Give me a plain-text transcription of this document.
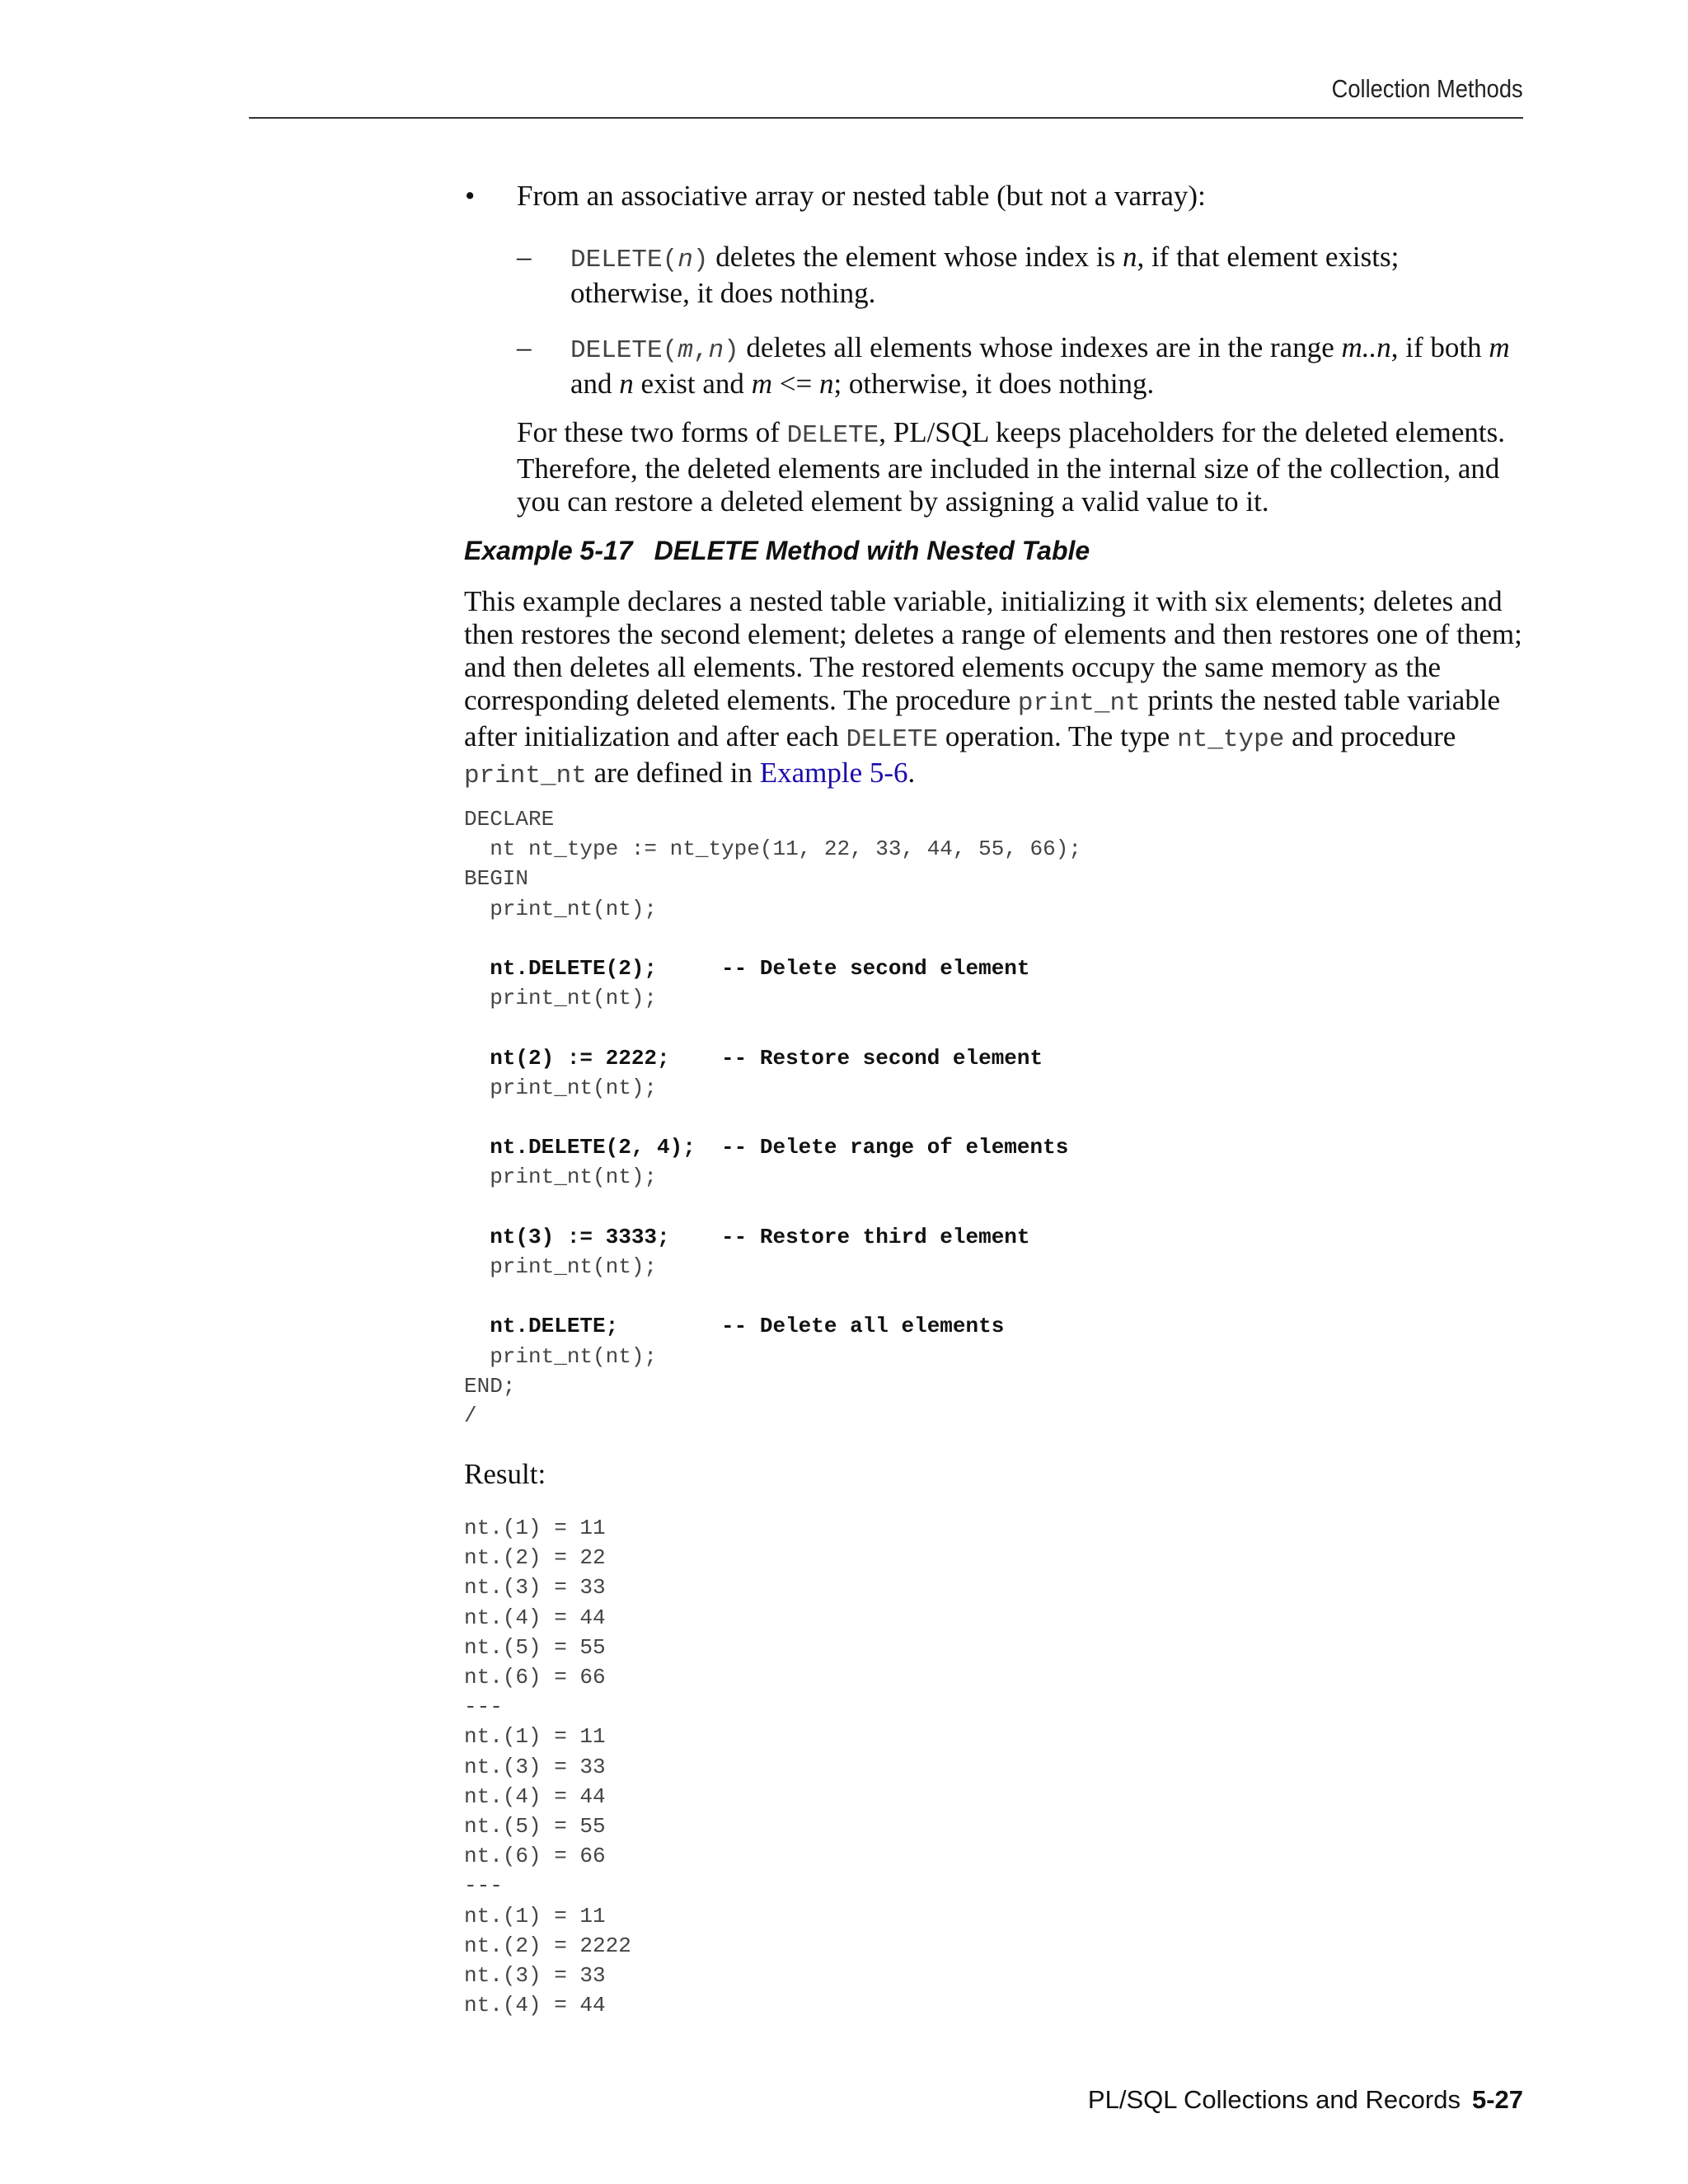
Collection Methods
• From an associative array or nested table (but not a varray):
– DELETE(n) deletes the element whose index is n, if that element exists; otherwise, it does nothing.
– DELETE(m,n) deletes all elements whose indexes are in the range m..n, if both m and n exist and m <= n; otherwise, it does nothing.
For these two forms of DELETE, PL/SQL keeps placeholders for the deleted elements. Therefore, the deleted elements are included in the internal size of the collection, and you can restore a deleted element by assigning a valid value to it.
Example 5-17 DELETE Method with Nested Table
This example declares a nested table variable, initializing it with six elements; deletes and then restores the second element; deletes a range of elements and then restores one of them; and then deletes all elements. The restored elements occupy the same memory as the corresponding deleted elements. The procedure print_nt prints the nested table variable after initialization and after each DELETE operation. The type nt_type and procedure print_nt are defined in Example 5-6.
DECLARE
nt nt_type := nt_type(11, 22, 33, 44, 55, 66);
BEGIN
print_nt(nt);

nt.DELETE(2);     -- Delete second element
print_nt(nt);

nt(2) := 2222;    -- Restore second element
print_nt(nt);

nt.DELETE(2, 4);  -- Delete range of elements
print_nt(nt);

nt(3) := 3333;    -- Restore third element
print_nt(nt);

nt.DELETE;        -- Delete all elements
print_nt(nt);
END;
/
Result:
nt.(1) = 11
nt.(2) = 22
nt.(3) = 33
nt.(4) = 44
nt.(5) = 55
nt.(6) = 66
---
nt.(1) = 11
nt.(3) = 33
nt.(4) = 44
nt.(5) = 55
nt.(6) = 66
---
nt.(1) = 11
nt.(2) = 2222
nt.(3) = 33
nt.(4) = 44
PL/SQL Collections and Records 5-27
